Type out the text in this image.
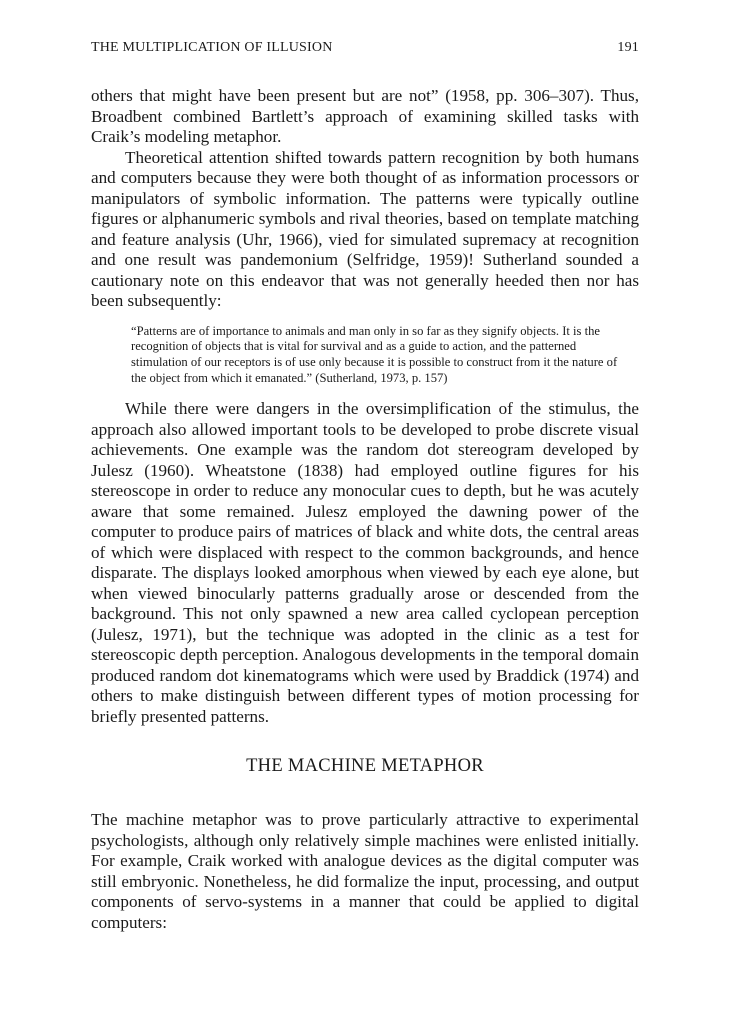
THE MULTIPLICATION OF ILLUSION	191

others that might have been present but are not” (1958, pp. 306–307). Thus, Broadbent combined Bartlett’s approach of examining skilled tasks with Craik’s modeling metaphor.

Theoretical attention shifted towards pattern recognition by both humans and computers because they were both thought of as information processors or manipulators of symbolic information. The patterns were typically outline figures or alphanumeric symbols and rival theories, based on template matching and feature analysis (Uhr, 1966), vied for simulated supremacy at recognition and one result was pandemonium (Selfridge, 1959)! Sutherland sounded a cautionary note on this endeavor that was not generally heeded then nor has been subsequently:

“Patterns are of importance to animals and man only in so far as they signify objects. It is the recognition of objects that is vital for survival and as a guide to action, and the patterned stimulation of our receptors is of use only because it is possible to construct from it the nature of the object from which it emanated.” (Sutherland, 1973, p. 157)

While there were dangers in the oversimplification of the stimulus, the approach also allowed important tools to be developed to probe discrete visual achievements. One example was the random dot stereogram developed by Julesz (1960). Wheatstone (1838) had employed outline figures for his stereoscope in order to reduce any monocular cues to depth, but he was acutely aware that some remained. Julesz employed the dawning power of the computer to produce pairs of matrices of black and white dots, the central areas of which were displaced with respect to the common backgrounds, and hence disparate. The displays looked amorphous when viewed by each eye alone, but when viewed binocularly patterns gradually arose or descended from the background. This not only spawned a new area called cyclopean perception (Julesz, 1971), but the technique was adopted in the clinic as a test for stereoscopic depth perception. Analogous developments in the temporal domain produced random dot kinematograms which were used by Braddick (1974) and others to make distinguish between different types of motion processing for briefly presented patterns.

THE MACHINE METAPHOR

The machine metaphor was to prove particularly attractive to experimental psychologists, although only relatively simple machines were enlisted initially. For example, Craik worked with analogue devices as the digital computer was still embryonic. Nonetheless, he did formalize the input, processing, and output components of servo-systems in a manner that could be applied to digital computers:
